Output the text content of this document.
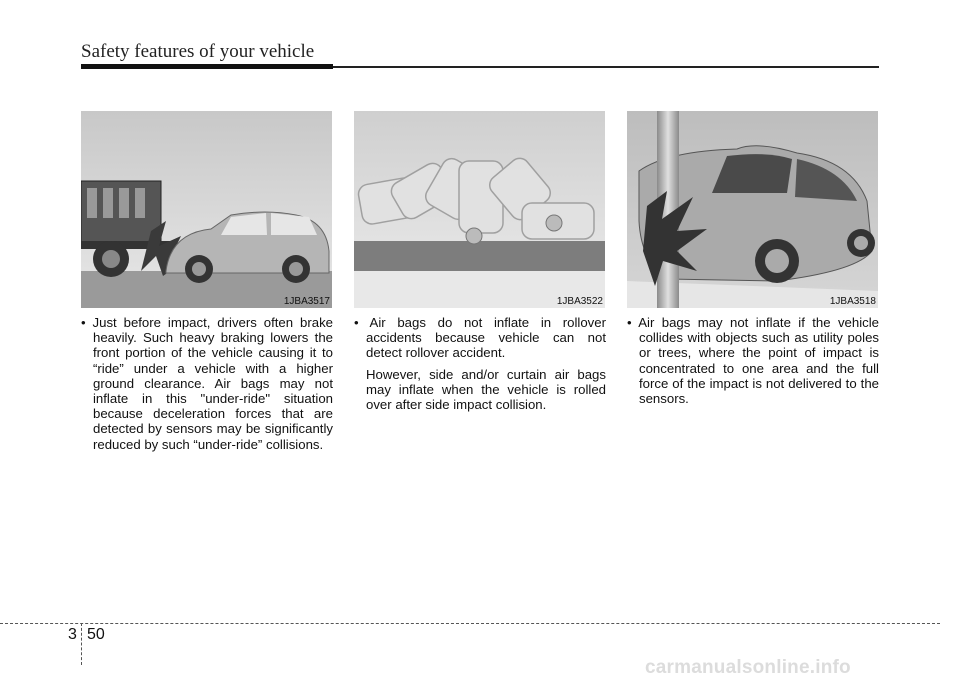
Safety features of your vehicle
1JBA3517	1JBA3522	1JBA3518

• Just before impact, drivers often brake heavily. Such heavy braking lowers the front portion of the vehicle causing it to “ride” under a vehicle with a higher ground clearance. Air bags may not inflate in this "under-ride" situation because deceleration forces that are detected by sensors may be significantly reduced by such “under-ride” collisions.

• Air bags do not inflate in rollover accidents because vehicle can not detect rollover accident.

However, side and/or curtain air bags may inflate when the vehicle is rolled over after side impact collision.

• Air bags may not inflate if the vehicle collides with objects such as utility poles or trees, where the point of impact is concentrated to one area and the full force of the impact is not delivered to the sensors.

3 50
carmanualsonline.info
